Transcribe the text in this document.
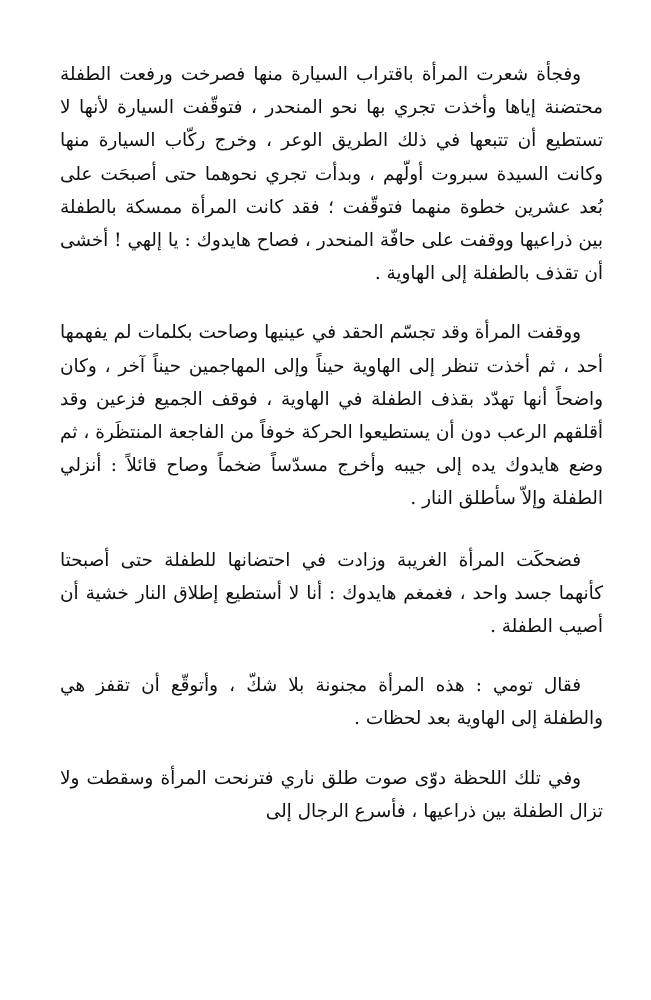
وفجأة شعرت المرأة باقتراب السيارة منها فصرخت ورفعت الطفلة محتضنة إياها وأخذت تجري بها نحو المنحدر ، فتوقّفت السيارة لأنها لا تستطيع أن تتبعها في ذلك الطريق الوعر ، وخرج ركّاب السيارة منها وكانت السيدة سبروت أولّهم ، وبدأت تجري نحوهما حتى أصبحَت على بُعد عشرين خطوة منهما فتوقّفت ؛ فقد كانت المرأة ممسكة بالطفلة بين ذراعيها ووقفت على حافّة المنحدر ، فصاح هايدوك : يا إلهي ! أخشى أن تقذف بالطفلة إلى الهاوية .

ووقفت المرأة وقد تجسّم الحقد في عينيها وصاحت بكلمات لم يفهمها أحد ، ثم أخذت تنظر إلى الهاوية حيناً وإلى المهاجمين حيناً آخر ، وكان واضحاً أنها تهدّد بقذف الطفلة في الهاوية ، فوقف الجميع فزعين وقد أقلقهم الرعب دون أن يستطيعوا الحركة خوفاً من الفاجعة المنتظَرة ، ثم وضع هايدوك يده إلى جيبه وأخرج مسدّساً ضخماً وصاح قائلاً : أنزلي الطفلة وإلاّ سأطلق النار .

فضحكَت المرأة الغريبة وزادت في احتضانها للطفلة حتى أصبحتا كأنهما جسد واحد ، فغمغم هايدوك : أنا لا أستطيع إطلاق النار خشية أن أصيب الطفلة .

فقال تومي : هذه المرأة مجنونة بلا شكّ ، وأتوقّع أن تقفز هي والطفلة إلى الهاوية بعد لحظات .

وفي تلك اللحظة دوّى صوت طلق ناري فترنحت المرأة وسقطت ولا تزال الطفلة بين ذراعيها ، فأسرع الرجال إلى
